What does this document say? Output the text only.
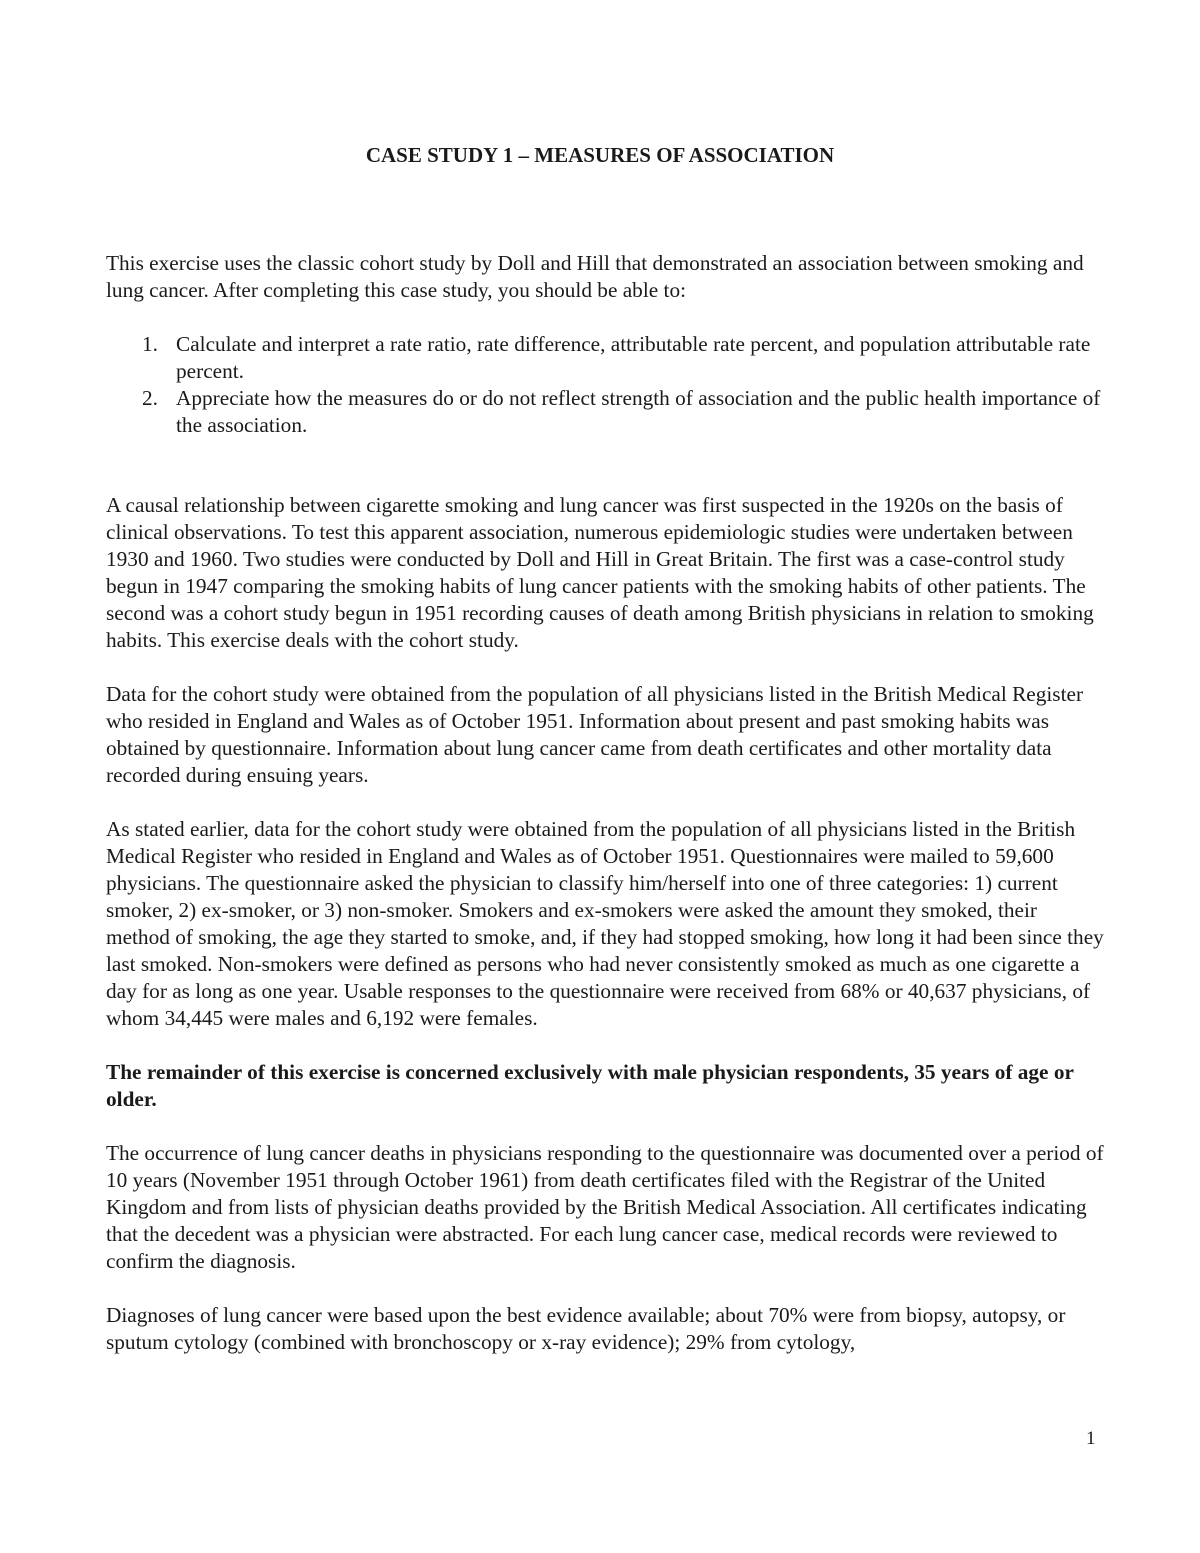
CASE STUDY 1 – MEASURES OF ASSOCIATION

This exercise uses the classic cohort study by Doll and Hill that demonstrated an association between smoking and lung cancer. After completing this case study, you should be able to:

1. Calculate and interpret a rate ratio, rate difference, attributable rate percent, and population attributable rate percent.
2. Appreciate how the measures do or do not reflect strength of association and the public health importance of the association.

A causal relationship between cigarette smoking and lung cancer was first suspected in the 1920s on the basis of clinical observations. To test this apparent association, numerous epidemiologic studies were undertaken between 1930 and 1960. Two studies were conducted by Doll and Hill in Great Britain. The first was a case-control study begun in 1947 comparing the smoking habits of lung cancer patients with the smoking habits of other patients. The second was a cohort study begun in 1951 recording causes of death among British physicians in relation to smoking habits. This exercise deals with the cohort study.

Data for the cohort study were obtained from the population of all physicians listed in the British Medical Register who resided in England and Wales as of October 1951. Information about present and past smoking habits was obtained by questionnaire. Information about lung cancer came from death certificates and other mortality data recorded during ensuing years.

As stated earlier, data for the cohort study were obtained from the population of all physicians listed in the British Medical Register who resided in England and Wales as of October 1951. Questionnaires were mailed to 59,600 physicians. The questionnaire asked the physician to classify him/herself into one of three categories: 1) current smoker, 2) ex-smoker, or 3) non-smoker. Smokers and ex-smokers were asked the amount they smoked, their method of smoking, the age they started to smoke, and, if they had stopped smoking, how long it had been since they last smoked. Non-smokers were defined as persons who had never consistently smoked as much as one cigarette a day for as long as one year. Usable responses to the questionnaire were received from 68% or 40,637 physicians, of whom 34,445 were males and 6,192 were females.

The remainder of this exercise is concerned exclusively with male physician respondents, 35 years of age or older.

The occurrence of lung cancer deaths in physicians responding to the questionnaire was documented over a period of 10 years (November 1951 through October 1961) from death certificates filed with the Registrar of the United Kingdom and from lists of physician deaths provided by the British Medical Association. All certificates indicating that the decedent was a physician were abstracted. For each lung cancer case, medical records were reviewed to confirm the diagnosis.

Diagnoses of lung cancer were based upon the best evidence available; about 70% were from biopsy, autopsy, or sputum cytology (combined with bronchoscopy or x-ray evidence); 29% from cytology,

1
